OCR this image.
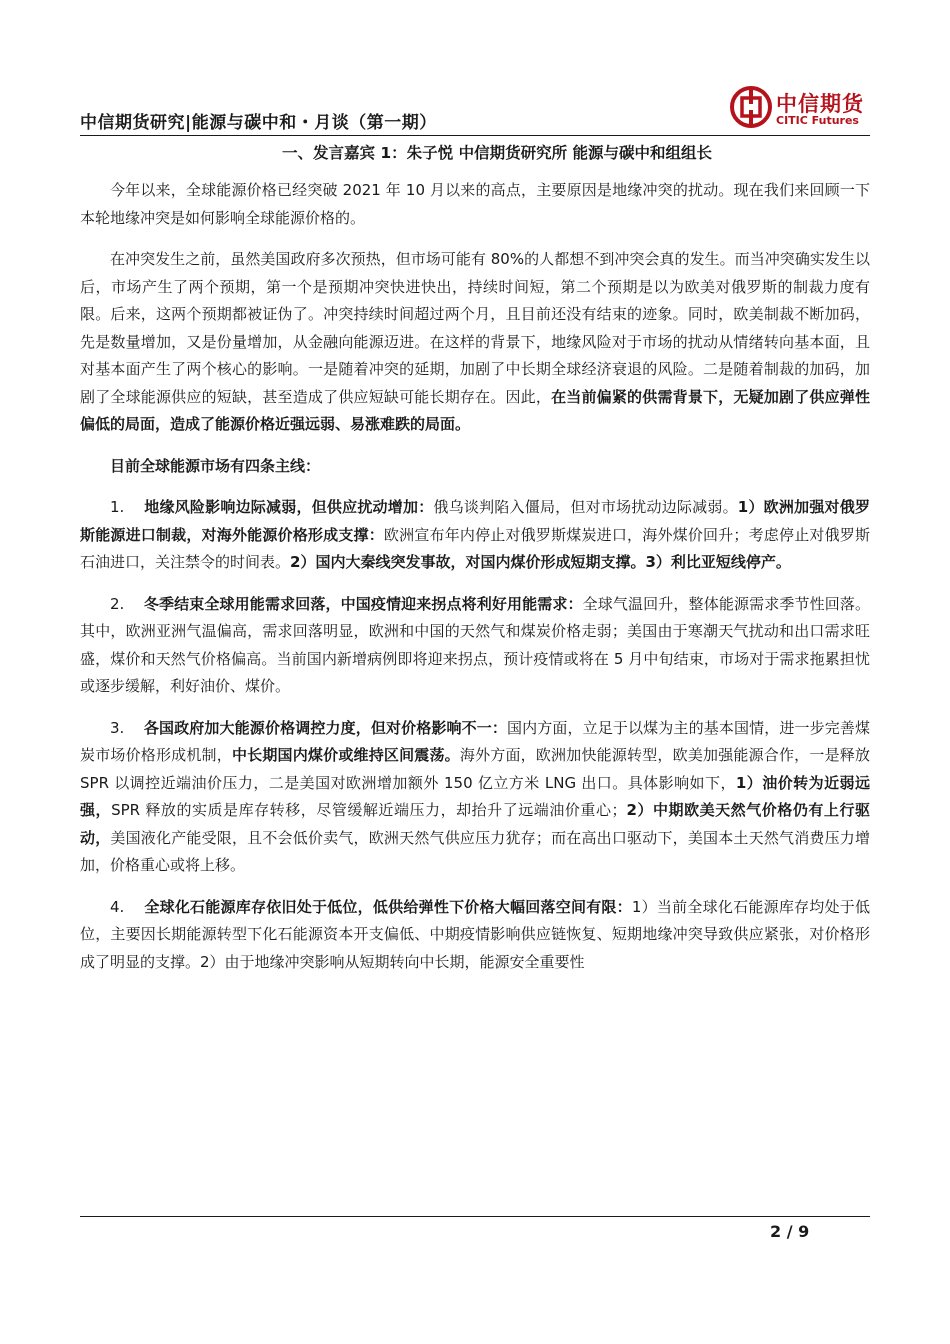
中信期货研究|能源与碳中和・月谈（第一期）
中信期货
CITIC Futures
一、发言嘉宾 1：朱子悦 中信期货研究所 能源与碳中和组组长

今年以来，全球能源价格已经突破 2021 年 10 月以来的高点，主要原因是地缘冲突的扰动。现在我们来回顾一下本轮地缘冲突是如何影响全球能源价格的。

在冲突发生之前，虽然美国政府多次预热，但市场可能有 80%的人都想不到冲突会真的发生。而当冲突确实发生以后，市场产生了两个预期，第一个是预期冲突快进快出，持续时间短，第二个预期是以为欧美对俄罗斯的制裁力度有限。后来，这两个预期都被证伪了。冲突持续时间超过两个月，且目前还没有结束的迹象。同时，欧美制裁不断加码，先是数量增加，又是份量增加，从金融向能源迈进。在这样的背景下，地缘风险对于市场的扰动从情绪转向基本面，且对基本面产生了两个核心的影响。一是随着冲突的延期，加剧了中长期全球经济衰退的风险。二是随着制裁的加码，加剧了全球能源供应的短缺，甚至造成了供应短缺可能长期存在。因此，在当前偏紧的供需背景下，无疑加剧了供应弹性偏低的局面，造成了能源价格近强远弱、易涨难跌的局面。

目前全球能源市场有四条主线：

1. 地缘风险影响边际减弱，但供应扰动增加：俄乌谈判陷入僵局，但对市场扰动边际减弱。1）欧洲加强对俄罗斯能源进口制裁，对海外能源价格形成支撑：欧洲宣布年内停止对俄罗斯煤炭进口，海外煤价回升；考虑停止对俄罗斯石油进口，关注禁令的时间表。2）国内大秦线突发事故，对国内煤价形成短期支撑。3）利比亚短线停产。

2. 冬季结束全球用能需求回落，中国疫情迎来拐点将利好用能需求：全球气温回升，整体能源需求季节性回落。其中，欧洲亚洲气温偏高，需求回落明显，欧洲和中国的天然气和煤炭价格走弱；美国由于寒潮天气扰动和出口需求旺盛，煤价和天然气价格偏高。当前国内新增病例即将迎来拐点，预计疫情或将在 5 月中旬结束，市场对于需求拖累担忧或逐步缓解，利好油价、煤价。

3. 各国政府加大能源价格调控力度，但对价格影响不一：国内方面，立足于以煤为主的基本国情，进一步完善煤炭市场价格形成机制，中长期国内煤价或维持区间震荡。海外方面，欧洲加快能源转型，欧美加强能源合作，一是释放 SPR 以调控近端油价压力，二是美国对欧洲增加额外 150 亿立方米 LNG 出口。具体影响如下，1）油价转为近弱远强，SPR 释放的实质是库存转移，尽管缓解近端压力，却抬升了远端油价重心；2）中期欧美天然气价格仍有上行驱动，美国液化产能受限，且不会低价卖气，欧洲天然气供应压力犹存；而在高出口驱动下，美国本土天然气消费压力增加，价格重心或将上移。

4. 全球化石能源库存依旧处于低位，低供给弹性下价格大幅回落空间有限：1）当前全球化石能源库存均处于低位，主要因长期能源转型下化石能源资本开支偏低、中期疫情影响供应链恢复、短期地缘冲突导致供应紧张，对价格形成了明显的支撑。2）由于地缘冲突影响从短期转向中长期，能源安全重要性

2 / 9
